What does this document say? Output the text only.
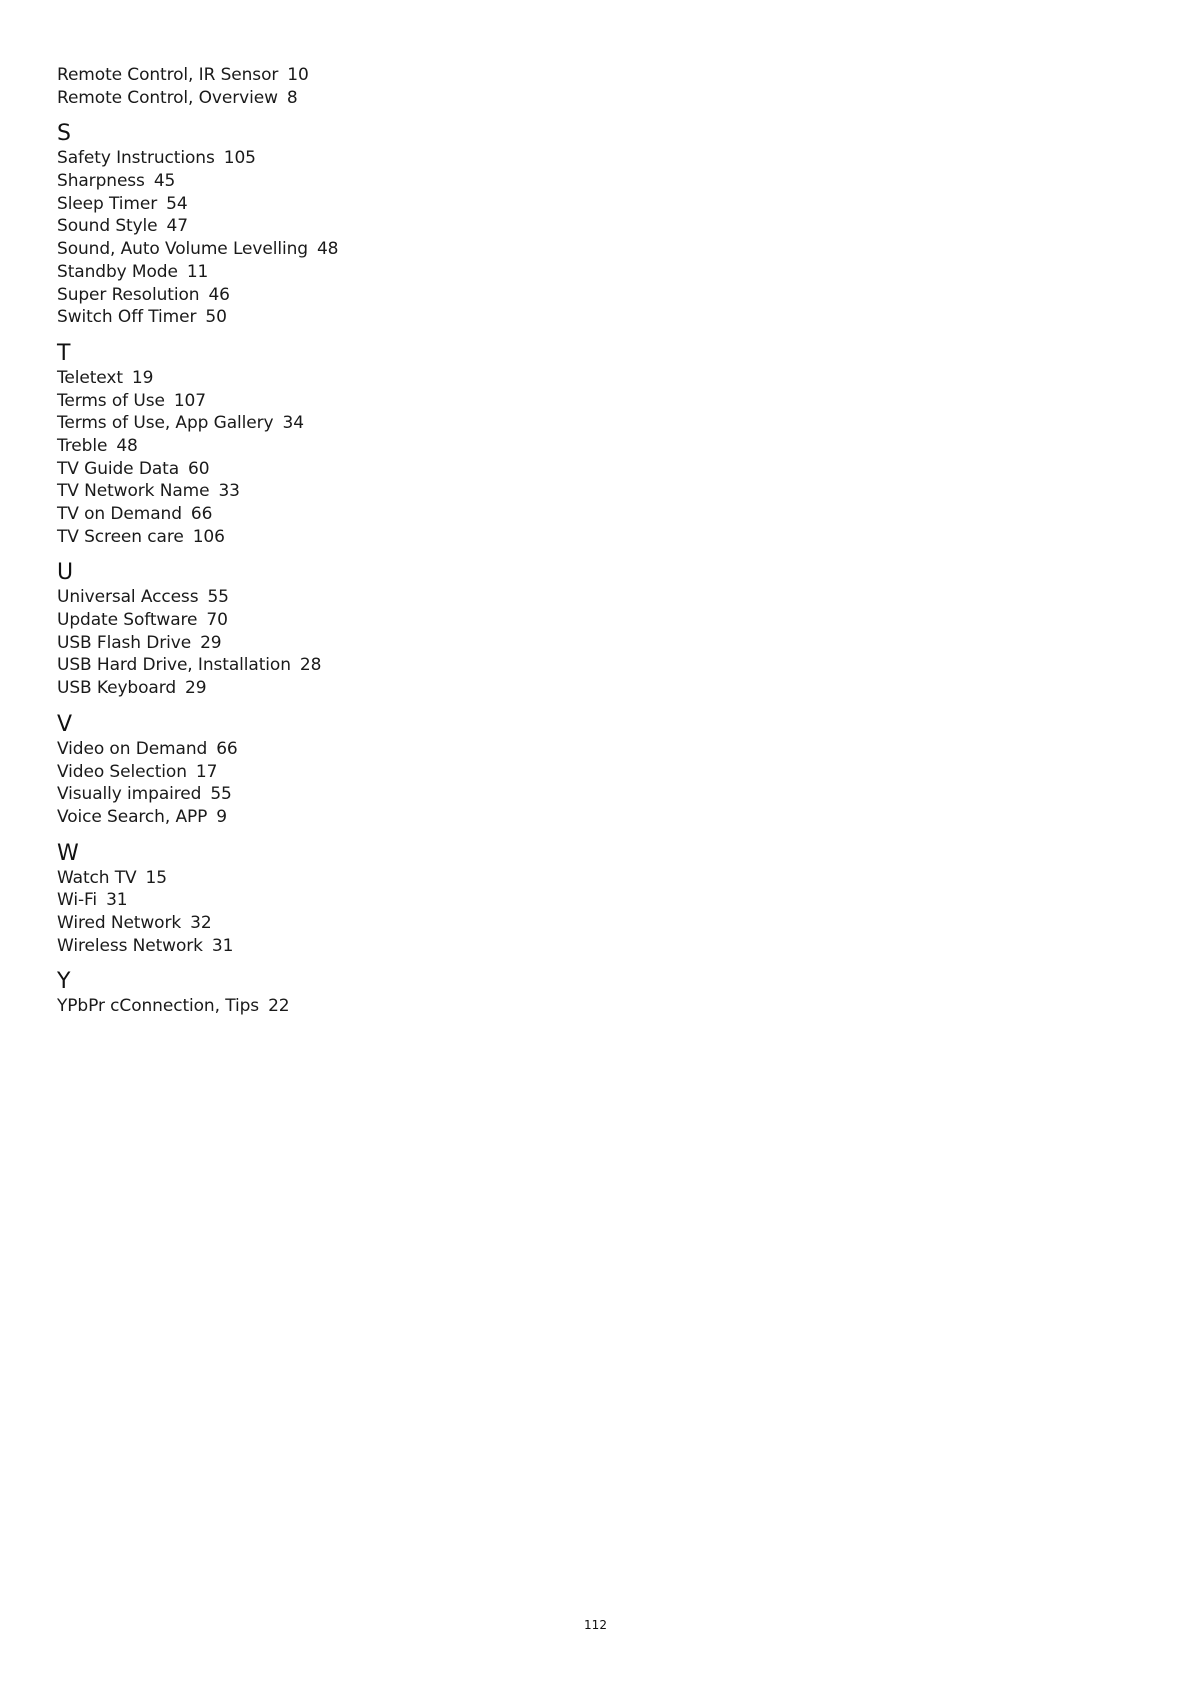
Remote Control, IR Sensor 10
Remote Control, Overview 8
S
Safety Instructions 105
Sharpness 45
Sleep Timer 54
Sound Style 47
Sound, Auto Volume Levelling 48
Standby Mode 11
Super Resolution 46
Switch Off Timer 50
T
Teletext 19
Terms of Use 107
Terms of Use, App Gallery 34
Treble 48
TV Guide Data 60
TV Network Name 33
TV on Demand 66
TV Screen care 106
U
Universal Access 55
Update Software 70
USB Flash Drive 29
USB Hard Drive, Installation 28
USB Keyboard 29
V
Video on Demand 66
Video Selection 17
Visually impaired 55
Voice Search, APP 9
W
Watch TV 15
Wi-Fi 31
Wired Network 32
Wireless Network 31
Y
YPbPr cConnection, Tips 22
112
